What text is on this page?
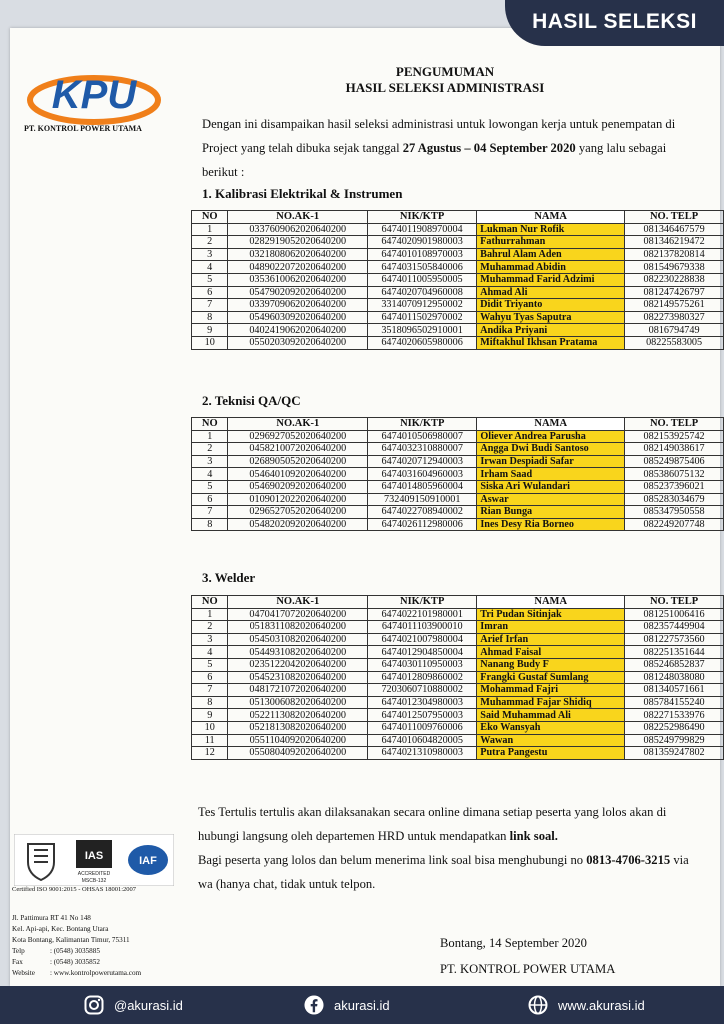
HASIL SELEKSI
KPU
PT. KONTROL POWER UTAMA
IAS
ACCREDITED
MSCB-132
IAF
Certified ISO 9001:2015 - OHSAS 18001:2007
Jl. Pattimura RT 41 No 148
Kel. Api-api, Kec. Bontang Utara
Kota Bontang, Kalimantan Timur, 75311
Telp	: (0548) 3035885
Fax	: (0548) 3035852
Website	: www.kontrolpowerutama.com
PENGUMUMAN
HASIL SELEKSI ADMINISTRASI
Dengan ini disampaikan hasil seleksi administrasi untuk lowongan kerja untuk penempatan di Project yang telah dibuka sejak tanggal 27 Agustus – 04 September 2020 yang lalu sebagai berikut :
1. Kalibrasi Elektrikal & Instrumen
NO	NO.AK-1	NIK/KTP	NAMA	NO. TELP
1	0337609062020640200	6474011908970004	Lukman Nur Rofik	081346467579
2	0282919052020640200	6474020901980003	Fathurrahman	081346219472
3	0321808062020640200	6474010108970003	Bahrul Alam Aden	082137820814
4	0489022072020640200	6474031505840006	Muhammad Abidin	081549679338
5	0353610062020640200	6474011005950005	Muhammad Farid Adzimi	082230228838
6	0547902092020640200	6474020704960008	Ahmad Ali	081247426797
7	0339709062020640200	3314070912950002	Didit Triyanto	082149575261
8	0549603092020640200	6474011502970002	Wahyu Tyas Saputra	082273980327
9	0402419062020640200	3518096502910001	Andika Priyani	0816794749
10	0550203092020640200	6474020605980006	Miftakhul Ikhsan Pratama	08225583005
2. Teknisi QA/QC
NO	NO.AK-1	NIK/KTP	NAMA	NO. TELP
1	0296927052020640200	6474010506980007	Oliever Andrea Parusha	082153925742
2	0458210072020640200	6474032310880007	Angga Dwi Budi Santoso	082149038617
3	0268905052020640200	6474020712940003	Irwan Despiadi Safar	085249875406
4	0546401092020640200	6474031604960003	Irham Saad	085386075132
5	0546902092020640200	6474014805960004	Siska Ari Wulandari	085237396021
6	0109012022020640200	732409150910001	Aswar	085283034679
7	0296527052020640200	6474022708940002	Rian Bunga	085347950558
8	0548202092020640200	6474026112980006	Ines Desy Ria Borneo	082249207748
3. Welder
NO	NO.AK-1	NIK/KTP	NAMA	NO. TELP
1	0470417072020640200	6474022101980001	Tri Pudan Sitinjak	081251006416
2	0518311082020640200	6474011103900010	Imran	082357449904
3	0545031082020640200	6474021007980004	Arief Irfan	081227573560
4	0544931082020640200	6474012904850004	Ahmad Faisal	082251351644
5	0235122042020640200	6474030110950003	Nanang Budy F	085246852837
6	0545231082020640200	6474012809860002	Frangki Gustaf Sumlang	081248038080
7	0481721072020640200	7203060710880002	Mohammad Fajri	081340571661
8	0513006082020640200	6474012304980003	Muhammad Fajar Shidiq	085784155240
9	0522113082020640200	6474012507950003	Said Muhammad Ali	082271533976
10	0521813082020640200	6474011009760006	Eko Wansyah	082252986490
11	0551104092020640200	6474010604820005	Wawan	085249799829
12	0550804092020640200	6474021310980003	Putra Pangestu	081359247802
Tes Tertulis tertulis akan dilaksanakan secara online dimana setiap peserta yang lolos akan di hubungi langsung oleh departemen HRD untuk mendapatkan link soal.
Bagi peserta yang lolos dan belum menerima link soal bisa menghubungi no 0813-4706-3215 via wa (hanya chat, tidak untuk telpon.
Bontang, 14 September 2020
PT. KONTROL POWER UTAMA
@akurasi.id	akurasi.id	www.akurasi.id
